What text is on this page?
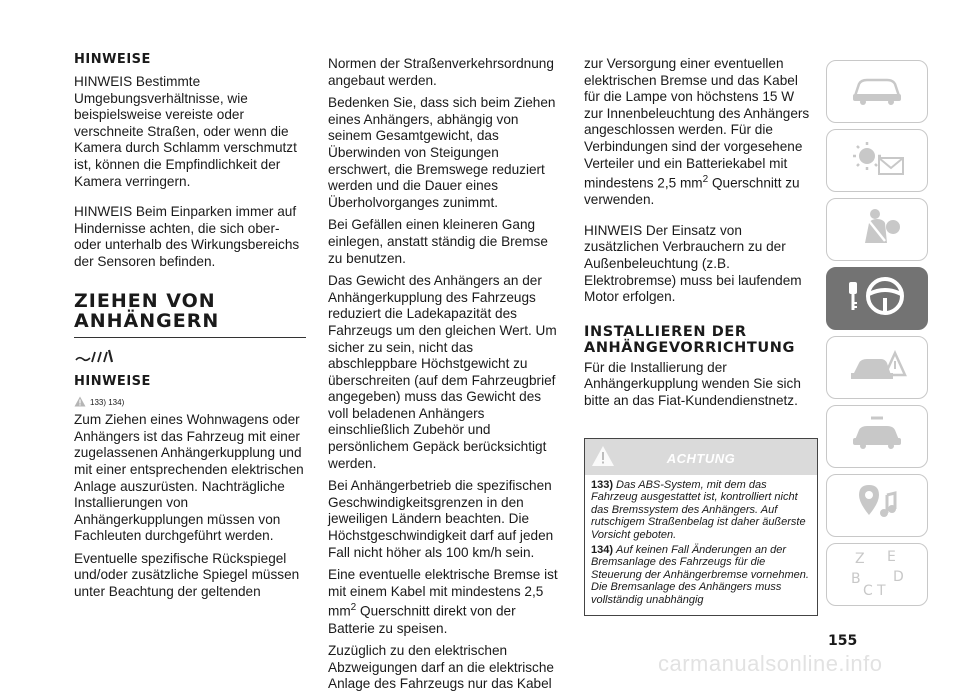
HINWEISE

HINWEIS Bestimmte Umgebungsverhältnisse, wie beispielsweise vereiste oder verschneite Straßen, oder wenn die Kamera durch Schlamm verschmutzt ist, können die Empfindlichkeit der Kamera verringern.

HINWEIS Beim Einparken immer auf Hindernisse achten, die sich ober- oder unterhalb des Wirkungsbereichs der Sensoren befinden.

ZIEHEN VON
ANHÄNGERN

HINWEISE

133) 134)

Zum Ziehen eines Wohnwagens oder Anhängers ist das Fahrzeug mit einer zugelassenen Anhängerkupplung und mit einer entsprechenden elektrischen Anlage auszurüsten. Nachträgliche Installierungen von Anhängerkupplungen müssen von Fachleuten durchgeführt werden.

Eventuelle spezifische Rückspiegel und/oder zusätzliche Spiegel müssen unter Beachtung der geltenden

Normen der Straßenverkehrsordnung angebaut werden.

Bedenken Sie, dass sich beim Ziehen eines Anhängers, abhängig von seinem Gesamtgewicht, das Überwinden von Steigungen erschwert, die Bremswege reduziert werden und die Dauer eines Überholvorganges zunimmt.

Bei Gefällen einen kleineren Gang einlegen, anstatt ständig die Bremse zu benutzen.

Das Gewicht des Anhängers an der Anhängerkupplung des Fahrzeugs reduziert die Ladekapazität des Fahrzeugs um den gleichen Wert. Um sicher zu sein, nicht das abschleppbare Höchstgewicht zu überschreiten (auf dem Fahrzeugbrief angegeben) muss das Gewicht des voll beladenen Anhängers einschließlich Zubehör und persönlichem Gepäck berücksichtigt werden.

Bei Anhängerbetrieb die spezifischen Geschwindigkeitsgrenzen in den jeweiligen Ländern beachten. Die Höchstgeschwindigkeit darf auf jeden Fall nicht höher als 100 km/h sein.

Eine eventuelle elektrische Bremse ist mit einem Kabel mit mindestens 2,5 $mm^2$ Querschnitt direkt von der Batterie zu speisen.

Zuzüglich zu den elektrischen Abzweigungen darf an die elektrische Anlage des Fahrzeugs nur das Kabel

zur Versorgung einer eventuellen elektrischen Bremse und das Kabel für die Lampe von höchstens 15 W zur Innenbeleuchtung des Anhängers angeschlossen werden. Für die Verbindungen sind der vorgesehene Verteiler und ein Batteriekabel mit mindestens 2,5 $mm^2$ Querschnitt zu verwenden.

HINWEIS Der Einsatz von zusätzlichen Verbrauchern zu der Außenbeleuchtung (z.B. Elektrobremse) muss bei laufendem Motor erfolgen.

INSTALLIEREN DER
ANHÄNGEVORRICHTUNG

Für die Installierung der Anhängerkupplung wenden Sie sich bitte an das Fiat-Kundendienstnetz.

ACHTUNG

133) Das ABS-System, mit dem das Fahrzeug ausgestattet ist, kontrolliert nicht das Bremssystem des Anhängers. Auf rutschigem Straßenbelag ist daher äußerste Vorsicht geboten.

134) Auf keinen Fall Änderungen an der Bremsanlage des Fahrzeugs für die Steuerung der Anhängerbremse vornehmen. Die Bremsanlage des Anhängers muss vollständig unabhängig

Z E
B D
C T
155
carmanualsonline.info
